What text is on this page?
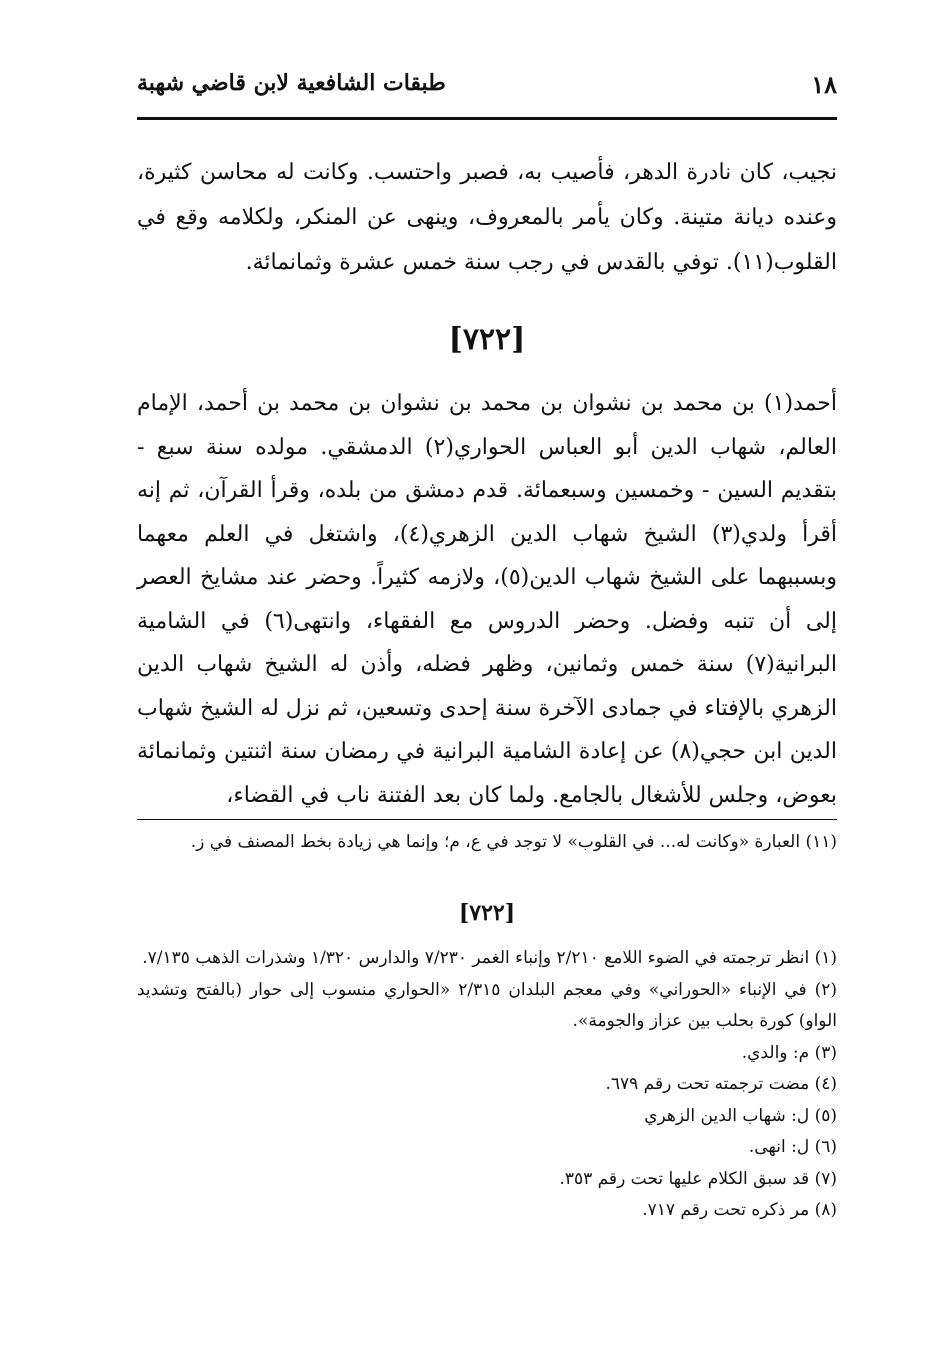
١٨
طبقات الشافعية لابن قاضي شهبة

نجيب، كان نادرة الدهر، فأصيب به، فصبر واحتسب. وكانت له محاسن كثيرة، وعنده ديانة متينة. وكان يأمر بالمعروف، وينهى عن المنكر، ولكلامه وقع في القلوب(١١). توفي بالقدس في رجب سنة خمس عشرة وثمانمائة.

[٧٢٢]

أحمد(١) بن محمد بن نشوان بن محمد بن نشوان بن محمد بن أحمد، الإمام العالم، شهاب الدين أبو العباس الحواري(٢) الدمشقي. مولده سنة سبع - بتقديم السين - وخمسين وسبعمائة. قدم دمشق من بلده، وقرأ القرآن، ثم إنه أقرأ ولدي(٣) الشيخ شهاب الدين الزهري(٤)، واشتغل في العلم معهما وبسببهما على الشيخ شهاب الدين(٥)، ولازمه كثيراً. وحضر عند مشايخ العصر إلى أن تنبه وفضل. وحضر الدروس مع الفقهاء، وانتهى(٦) في الشامية البرانية(٧) سنة خمس وثمانين، وظهر فضله، وأذن له الشيخ شهاب الدين الزهري بالإفتاء في جمادى الآخرة سنة إحدى وتسعين، ثم نزل له الشيخ شهاب الدين ابن حجي(٨) عن إعادة الشامية البرانية في رمضان سنة اثنتين وثمانمائة بعوض، وجلس للأشغال بالجامع. ولما كان بعد الفتنة ناب في القضاء،

(١١) العبارة «وكانت له... في القلوب» لا توجد في ع، م؛ وإنما هي زيادة بخط المصنف في ز.

[٧٢٢]

(١) انظر ترجمته في الضوء اللامع ٢/٢١٠ وإنباء الغمر ٧/٢٣٠ والدارس ١/٣٢٠ وشذرات الذهب ٧/١٣٥.

(٢) في الإنباء «الحوراني» وفي معجم البلدان ٢/٣١٥ «الحواري منسوب إلى حوار (بالفتح وتشديد الواو) كورة بحلب بين عزاز والجومة».

(٣) م: والدي.

(٤) مضت ترجمته تحت رقم ٦٧٩.

(٥) ل: شهاب الدين الزهري

(٦) ل: انهى.

(٧) قد سبق الكلام عليها تحت رقم ٣٥٣.

(٨) مر ذكره تحت رقم ٧١٧.
